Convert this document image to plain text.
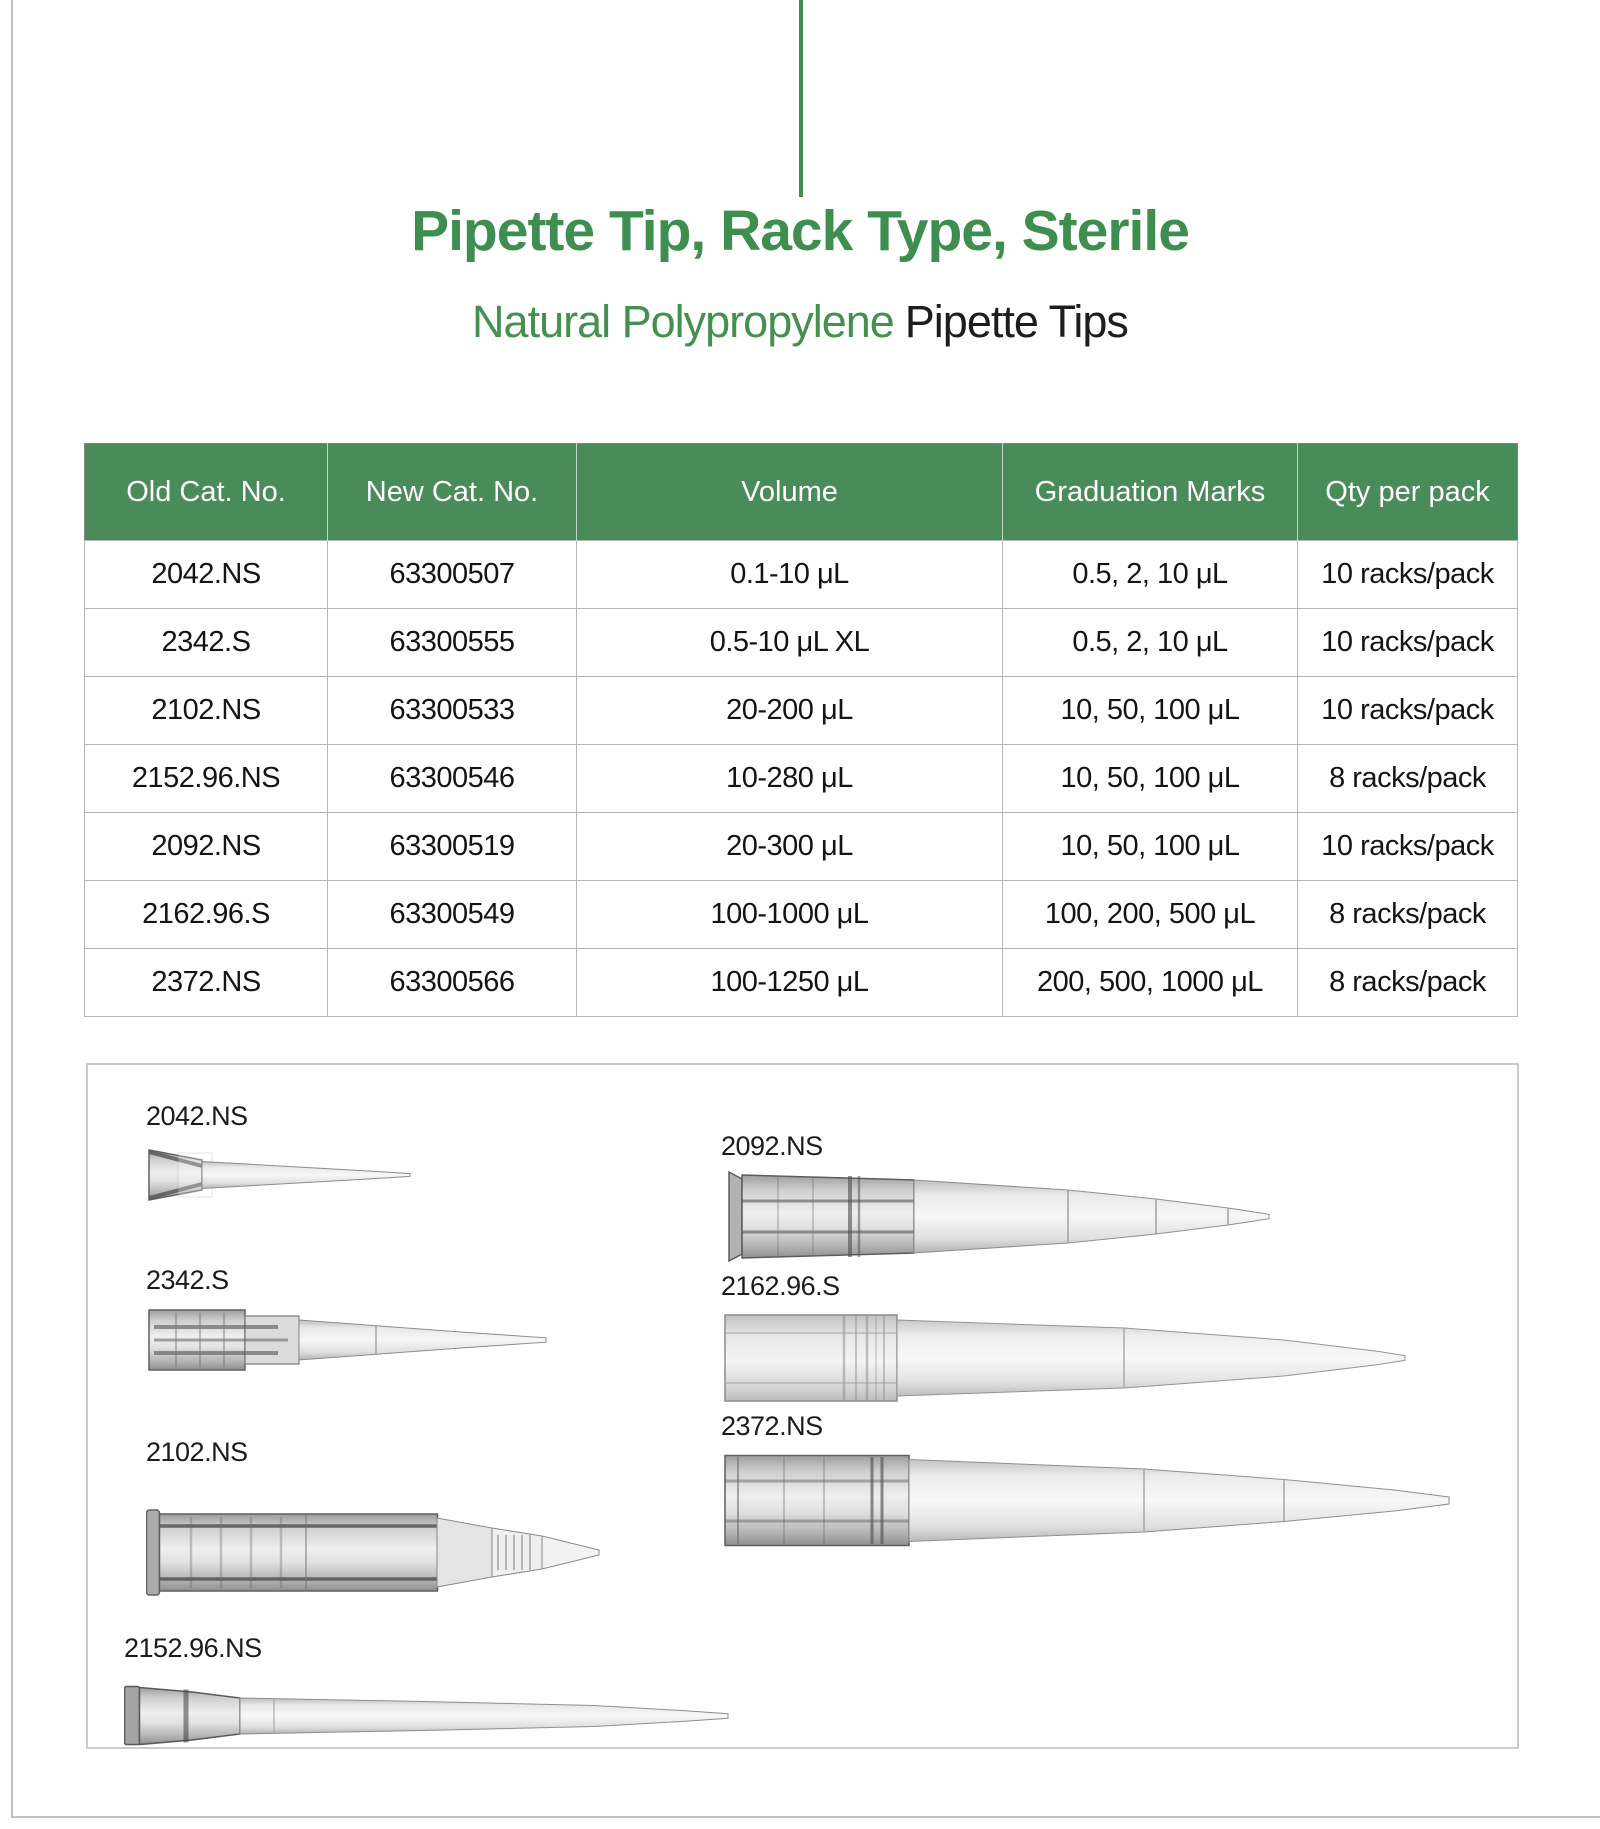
Pipette Tip, Rack Type, Sterile
Natural Polypropylene Pipette Tips
Old Cat. No.	New Cat. No.	Volume	Graduation Marks	Qty per pack
2042.NS	63300507	0.1-10 μL	0.5, 2, 10 μL	10 racks/pack
2342.S	63300555	0.5-10 μL XL	0.5, 2, 10 μL	10 racks/pack
2102.NS	63300533	20-200 μL	10, 50, 100 μL	10 racks/pack
2152.96.NS	63300546	10-280 μL	10, 50, 100 μL	8 racks/pack
2092.NS	63300519	20-300 μL	10, 50, 100 μL	10 racks/pack
2162.96.S	63300549	100-1000 μL	100, 200, 500 μL	8 racks/pack
2372.NS	63300566	100-1250 μL	200, 500, 1000 μL	8 racks/pack
2042.NS
2342.S
2102.NS
2152.96.NS
2092.NS
2162.96.S
2372.NS
